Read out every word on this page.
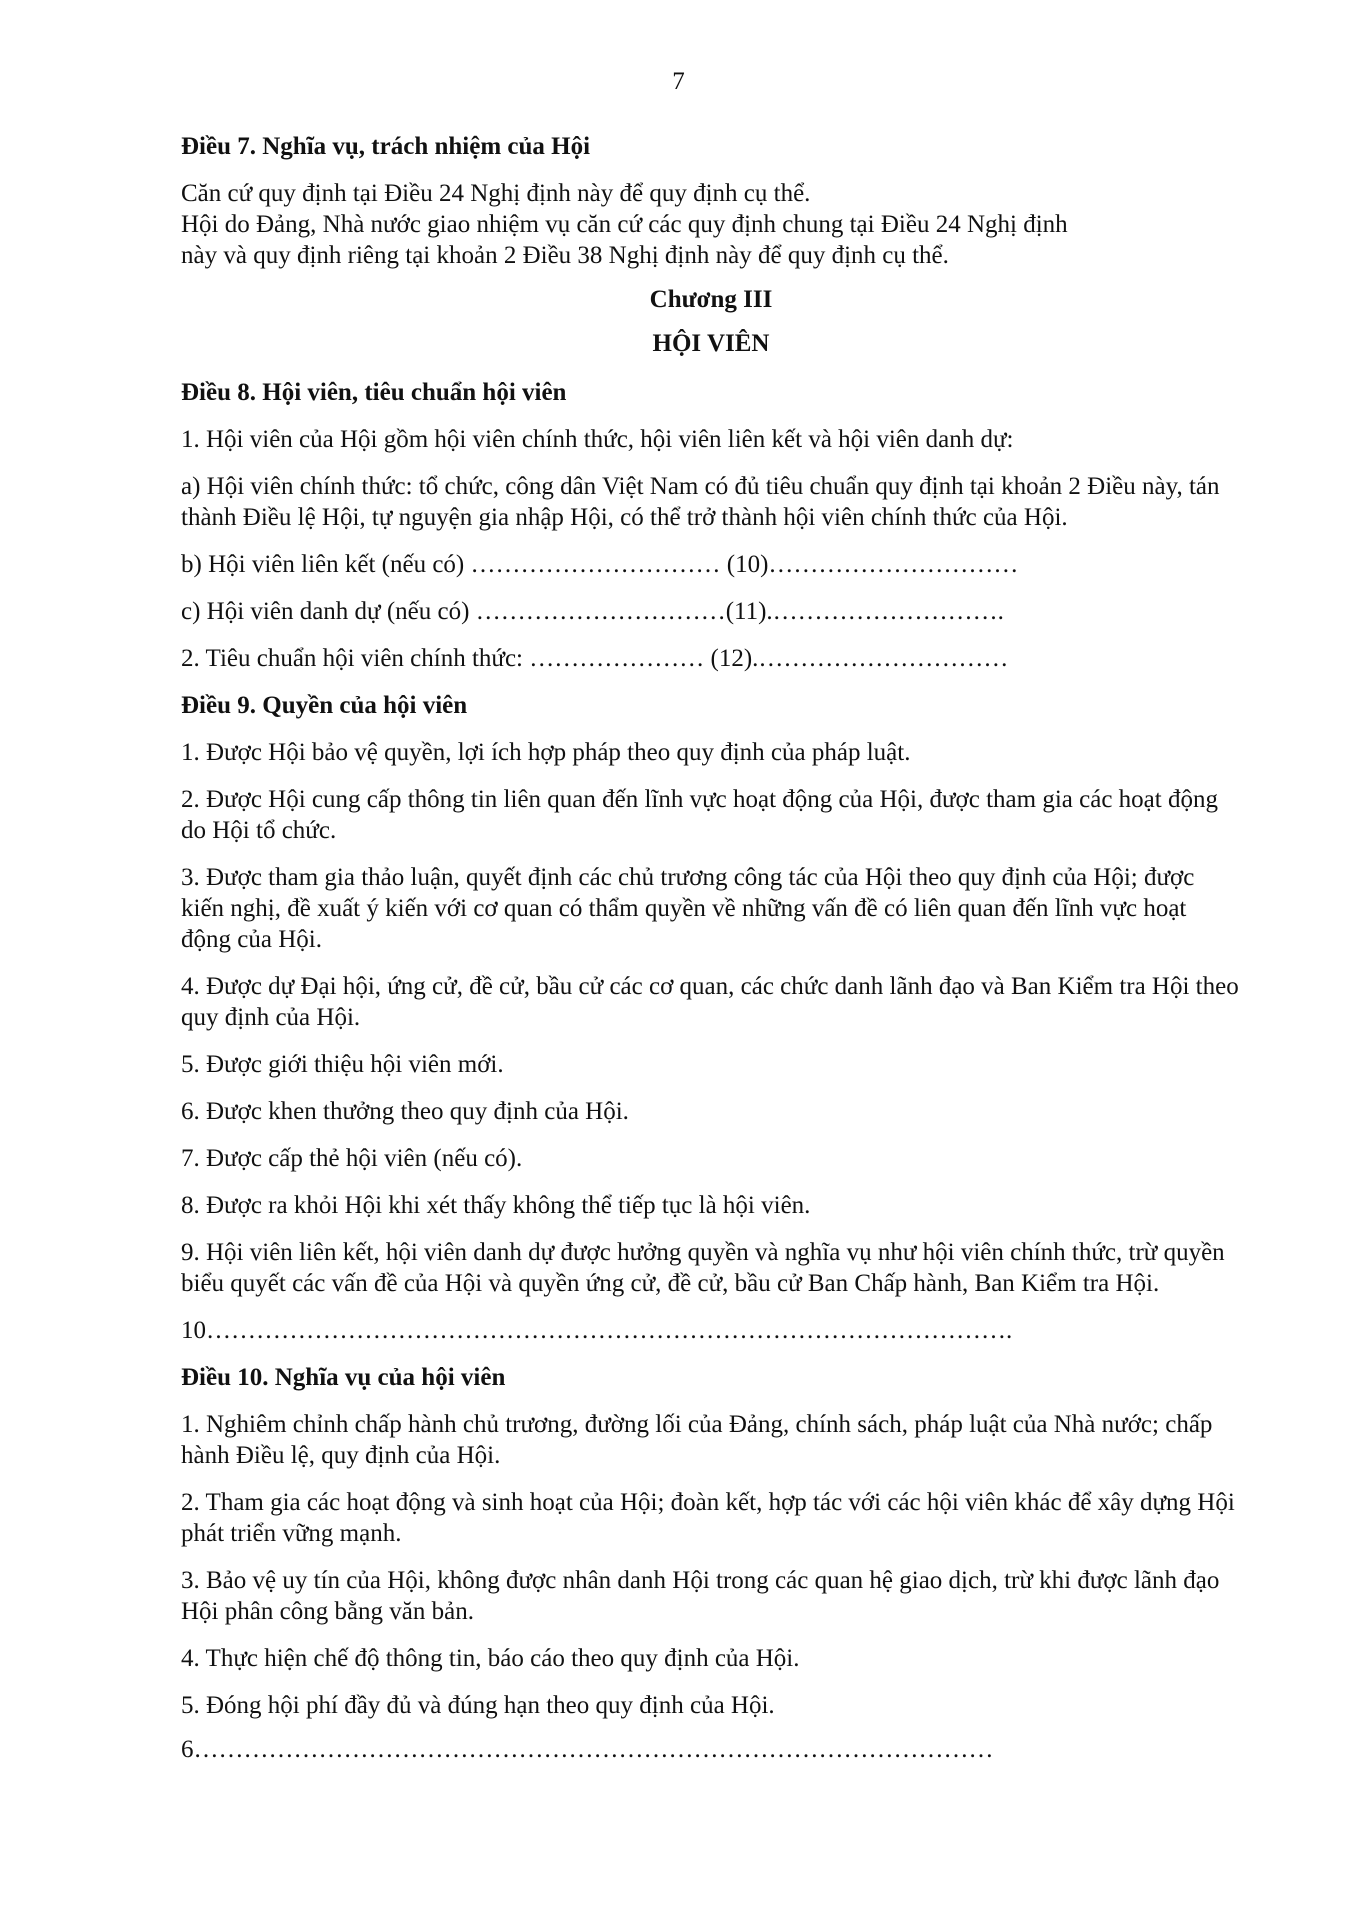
7

Điều 7. Nghĩa vụ, trách nhiệm của Hội

Căn cứ quy định tại Điều 24 Nghị định này để quy định cụ thể.

Hội do Đảng, Nhà nước giao nhiệm vụ căn cứ các quy định chung tại Điều 24 Nghị định

này và quy định riêng tại khoản 2 Điều 38 Nghị định này để quy định cụ thể.

Chương III

HỘI VIÊN

Điều 8. Hội viên, tiêu chuẩn hội viên

1. Hội viên của Hội gồm hội viên chính thức, hội viên liên kết và hội viên danh dự:

a) Hội viên chính thức: tổ chức, công dân Việt Nam có đủ tiêu chuẩn quy định tại khoản 2 Điều này, tán thành Điều lệ Hội, tự nguyện gia nhập Hội, có thể trở thành hội viên chính thức của Hội.

b) Hội viên liên kết (nếu có) ………………………… (10)…………………………

c) Hội viên danh dự (nếu có) …………………………(11).……………………….

2. Tiêu chuẩn hội viên chính thức: ………………… (12).…………………………

Điều 9. Quyền của hội viên

1. Được Hội bảo vệ quyền, lợi ích hợp pháp theo quy định của pháp luật.

2. Được Hội cung cấp thông tin liên quan đến lĩnh vực hoạt động của Hội, được tham gia các hoạt động do Hội tổ chức.

3. Được tham gia thảo luận, quyết định các chủ trương công tác của Hội theo quy định của Hội; được kiến nghị, đề xuất ý kiến với cơ quan có thẩm quyền về những vấn đề có liên quan đến lĩnh vực hoạt động của Hội.

4. Được dự Đại hội, ứng cử, đề cử, bầu cử các cơ quan, các chức danh lãnh đạo và Ban Kiểm tra Hội theo quy định của Hội.

5. Được giới thiệu hội viên mới.

6. Được khen thưởng theo quy định của Hội.

7. Được cấp thẻ hội viên (nếu có).

8. Được ra khỏi Hội khi xét thấy không thể tiếp tục là hội viên.

9. Hội viên liên kết, hội viên danh dự được hưởng quyền và nghĩa vụ như hội viên chính thức, trừ quyền biểu quyết các vấn đề của Hội và quyền ứng cử, đề cử, bầu cử Ban Chấp hành, Ban Kiểm tra Hội.

10…………………………………………………………………………………….

Điều 10. Nghĩa vụ của hội viên

1. Nghiêm chỉnh chấp hành chủ trương, đường lối của Đảng, chính sách, pháp luật của Nhà nước; chấp hành Điều lệ, quy định của Hội.

2. Tham gia các hoạt động và sinh hoạt của Hội; đoàn kết, hợp tác với các hội viên khác để xây dựng Hội phát triển vững mạnh.

3. Bảo vệ uy tín của Hội, không được nhân danh Hội trong các quan hệ giao dịch, trừ khi được lãnh đạo Hội phân công bằng văn bản.

4. Thực hiện chế độ thông tin, báo cáo theo quy định của Hội.

5. Đóng hội phí đầy đủ và đúng hạn theo quy định của Hội.

6……………………………………………………………………………………
